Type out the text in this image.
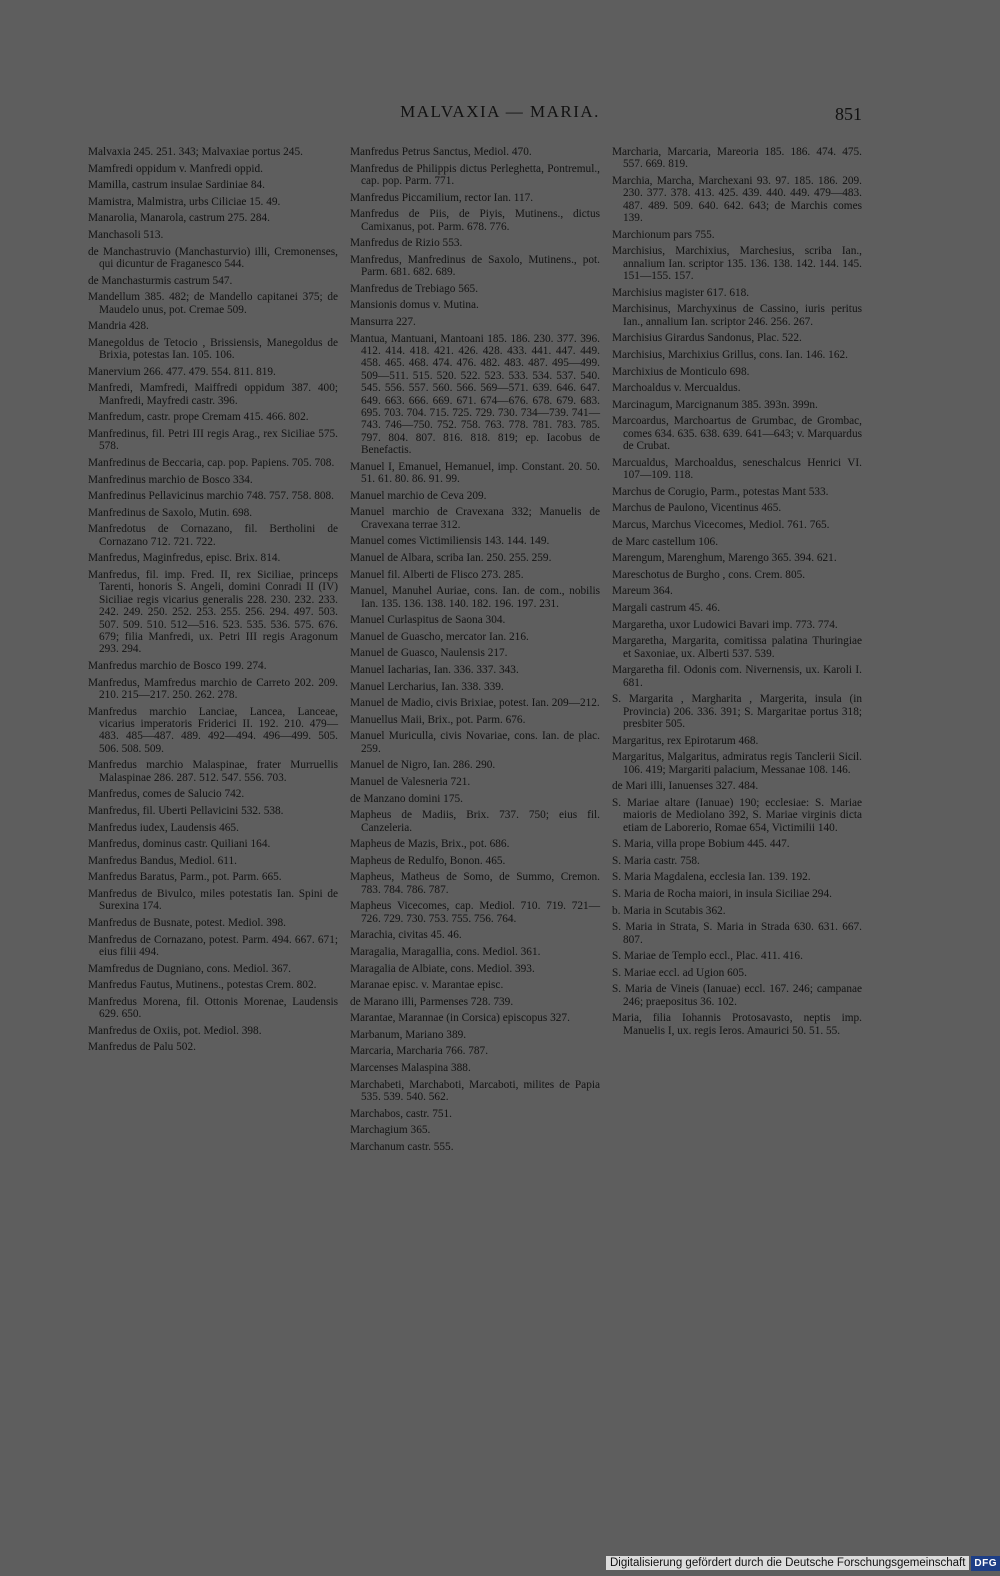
MALVAXIA — MARIA.	851

Malvaxia 245. 251. 343; Malvaxiae portus 245.

Mamfredi oppidum v. Manfredi oppid.

Mamilla, castrum insulae Sardiniae 84.

Mamistra, Malmistra, urbs Ciliciae 15. 49.

Manarolia, Manarola, castrum 275. 284.

Manchasoli 513.

de Manchastruvio (Manchasturvio) illi, Cremonenses, qui dicuntur de Fraganesco 544.

de Manchasturmis castrum 547.

Mandellum 385. 482; de Mandello capitanei 375; de Maudelo unus, pot. Cremae 509.

Mandria 428.

Manegoldus de Tetocio , Brissiensis, Manegoldus de Brixia, potestas Ian. 105. 106.

Manervium 266. 477. 479. 554. 811. 819.

Manfredi, Mamfredi, Maiffredi oppidum 387. 400; Manfredi, Mayfredi castr. 396.

Manfredum, castr. prope Cremam 415. 466. 802.

Manfredinus, fil. Petri III regis Arag., rex Siciliae 575. 578.

Manfredinus de Beccaria, cap. pop. Papiens. 705. 708.

Manfredinus marchio de Bosco 334.

Manfredinus Pellavicinus marchio 748. 757. 758. 808.

Manfredinus de Saxolo, Mutin. 698.

Manfredotus de Cornazano, fil. Bertholini de Cornazano 712. 721. 722.

Manfredus, Maginfredus, episc. Brix. 814.

Manfredus, fil. imp. Fred. II, rex Siciliae, princeps Tarenti, honoris S. Angeli, domini Conradi II (IV) Siciliae regis vicarius generalis 228. 230. 232. 233. 242. 249. 250. 252. 253. 255. 256. 294. 497. 503. 507. 509. 510. 512—516. 523. 535. 536. 575. 676. 679; filia Manfredi, ux. Petri III regis Aragonum 293. 294.

Manfredus marchio de Bosco 199. 274.

Manfredus, Mamfredus marchio de Carreto 202. 209. 210. 215—217. 250. 262. 278.

Manfredus marchio Lanciae, Lancea, Lanceae, vicarius imperatoris Friderici II. 192. 210. 479—483. 485—487. 489. 492—494. 496—499. 505. 506. 508. 509.

Manfredus marchio Malaspinae, frater Murruellis Malaspinae 286. 287. 512. 547. 556. 703.

Manfredus, comes de Salucio 742.

Manfredus, fil. Uberti Pellavicini 532. 538.

Manfredus iudex, Laudensis 465.

Manfredus, dominus castr. Quiliani 164.

Manfredus Bandus, Mediol. 611.

Manfredus Baratus, Parm., pot. Parm. 665.

Manfredus de Bivulco, miles potestatis Ian. Spini de Surexina 174.

Manfredus de Busnate, potest. Mediol. 398.

Manfredus de Cornazano, potest. Parm. 494. 667. 671; eius filii 494.

Mamfredus de Dugniano, cons. Mediol. 367.

Manfredus Fautus, Mutinens., potestas Crem. 802.

Manfredus Morena, fil. Ottonis Morenae, Laudensis 629. 650.

Manfredus de Oxiis, pot. Mediol. 398.

Manfredus de Palu 502.

Manfredus Petrus Sanctus, Mediol. 470.

Manfredus de Philippis dictus Perleghetta, Pontremul., cap. pop. Parm. 771.

Manfredus Piccamilium, rector Ian. 117.

Manfredus de Piis, de Piyis, Mutinens., dictus Camixanus, pot. Parm. 678. 776.

Manfredus de Rizio 553.

Manfredus, Manfredinus de Saxolo, Mutinens., pot. Parm. 681. 682. 689.

Manfredus de Trebiago 565.

Mansionis domus v. Mutina.

Mansurra 227.

Mantua, Mantuani, Mantoani 185. 186. 230. 377. 396. 412. 414. 418. 421. 426. 428. 433. 441. 447. 449. 458. 465. 468. 474. 476. 482. 483. 487. 495—499. 509—511. 515. 520. 522. 523. 533. 534. 537. 540. 545. 556. 557. 560. 566. 569—571. 639. 646. 647. 649. 663. 666. 669. 671. 674—676. 678. 679. 683. 695. 703. 704. 715. 725. 729. 730. 734—739. 741—743. 746—750. 752. 758. 763. 778. 781. 783. 785. 797. 804. 807. 816. 818. 819; ep. Iacobus de Benefactis.

Manuel I, Emanuel, Hemanuel, imp. Constant. 20. 50. 51. 61. 80. 86. 91. 99.

Manuel marchio de Ceva 209.

Manuel marchio de Cravexana 332; Manuelis de Cravexana terrae 312.

Manuel comes Victimiliensis 143. 144. 149.

Manuel de Albara, scriba Ian. 250. 255. 259.

Manuel fil. Alberti de Flisco 273. 285.

Manuel, Manuhel Auriae, cons. Ian. de com., nobilis Ian. 135. 136. 138. 140. 182. 196. 197. 231.

Manuel Curlaspitus de Saona 304.

Manuel de Guascho, mercator Ian. 216.

Manuel de Guasco, Naulensis 217.

Manuel Iacharias, Ian. 336. 337. 343.

Manuel Lercharius, Ian. 338. 339.

Manuel de Madio, civis Brixiae, potest. Ian. 209—212.

Manuellus Maii, Brix., pot. Parm. 676.

Manuel Muriculla, civis Novariae, cons. Ian. de plac. 259.

Manuel de Nigro, Ian. 286. 290.

Manuel de Valesneria 721.

de Manzano domini 175.

Mapheus de Madiis, Brix. 737. 750; eius fil. Canzeleria.

Mapheus de Mazis, Brix., pot. 686.

Mapheus de Redulfo, Bonon. 465.

Mapheus, Matheus de Somo, de Summo, Cremon. 783. 784. 786. 787.

Mapheus Vicecomes, cap. Mediol. 710. 719. 721—726. 729. 730. 753. 755. 756. 764.

Marachia, civitas 45. 46.

Maragalia, Maragallia, cons. Mediol. 361.

Maragalia de Albiate, cons. Mediol. 393.

Maranae episc. v. Marantae episc.

de Marano illi, Parmenses 728. 739.

Marantae, Marannae (in Corsica) episcopus 327.

Marbanum, Mariano 389.

Marcaria, Marcharia 766. 787.

Marcenses Malaspina 388.

Marchabeti, Marchaboti, Marcaboti, milites de Papia 535. 539. 540. 562.

Marchabos, castr. 751.

Marchagium 365.

Marchanum castr. 555.

Marcharia, Marcaria, Mareoria 185. 186. 474. 475. 557. 669. 819.

Marchia, Marcha, Marchexani 93. 97. 185. 186. 209. 230. 377. 378. 413. 425. 439. 440. 449. 479—483. 487. 489. 509. 640. 642. 643; de Marchis comes 139.

Marchionum pars 755.

Marchisius, Marchixius, Marchesius, scriba Ian., annalium Ian. scriptor 135. 136. 138. 142. 144. 145. 151—155. 157.

Marchisius magister 617. 618.

Marchisinus, Marchyxinus de Cassino, iuris peritus Ian., annalium Ian. scriptor 246. 256. 267.

Marchisius Girardus Sandonus, Plac. 522.

Marchisius, Marchixius Grillus, cons. Ian. 146. 162.

Marchixius de Monticulo 698.

Marchoaldus v. Mercualdus.

Marcinagum, Marcignanum 385. 393n. 399n.

Marcoardus, Marchoartus de Grumbac, de Grombac, comes 634. 635. 638. 639. 641—643; v. Marquardus de Crubat.

Marcualdus, Marchoaldus, seneschalcus Henrici VI. 107—109. 118.

Marchus de Corugio, Parm., potestas Mant 533.

Marchus de Paulono, Vicentinus 465.

Marcus, Marchus Vicecomes, Mediol. 761. 765.

de Marc castellum 106.

Marengum, Marenghum, Marengo 365. 394. 621.

Mareschotus de Burgho , cons. Crem. 805.

Mareum 364.

Margali castrum 45. 46.

Margaretha, uxor Ludowici Bavari imp. 773. 774.

Margaretha, Margarita, comitissa palatina Thuringiae et Saxoniae, ux. Alberti 537. 539.

Margaretha fil. Odonis com. Nivernensis, ux. Karoli I. 681.

S. Margarita , Margharita , Margerita, insula (in Provincia) 206. 336. 391; S. Margaritae portus 318; presbiter 505.

Margaritus, rex Epirotarum 468.

Margaritus, Malgaritus, admiratus regis Tanclerii Sicil. 106. 419; Margariti palacium, Messanae 108. 146.

de Mari illi, Ianuenses 327. 484.

S. Mariae altare (Ianuae) 190; ecclesiae: S. Mariae maioris de Mediolano 392, S. Mariae virginis dicta etiam de Laborerio, Romae 654, Victimilii 140.

S. Maria, villa prope Bobium 445. 447.

S. Maria castr. 758.

S. Maria Magdalena, ecclesia Ian. 139. 192.

S. Maria de Rocha maiori, in insula Siciliae 294.

b. Maria in Scutabis 362.

S. Maria in Strata, S. Maria in Strada 630. 631. 667. 807.

S. Mariae de Templo eccl., Plac. 411. 416.

S. Mariae eccl. ad Ugion 605.

S. Maria de Vineis (Ianuae) eccl. 167. 246; campanae 246; praepositus 36. 102.

Maria, filia Iohannis Protosavasto, neptis imp. Manuelis I, ux. regis Ieros. Amaurici 50. 51. 55.

Digitalisierung gefördert durch die Deutsche Forschungsgemeinschaft DFG
